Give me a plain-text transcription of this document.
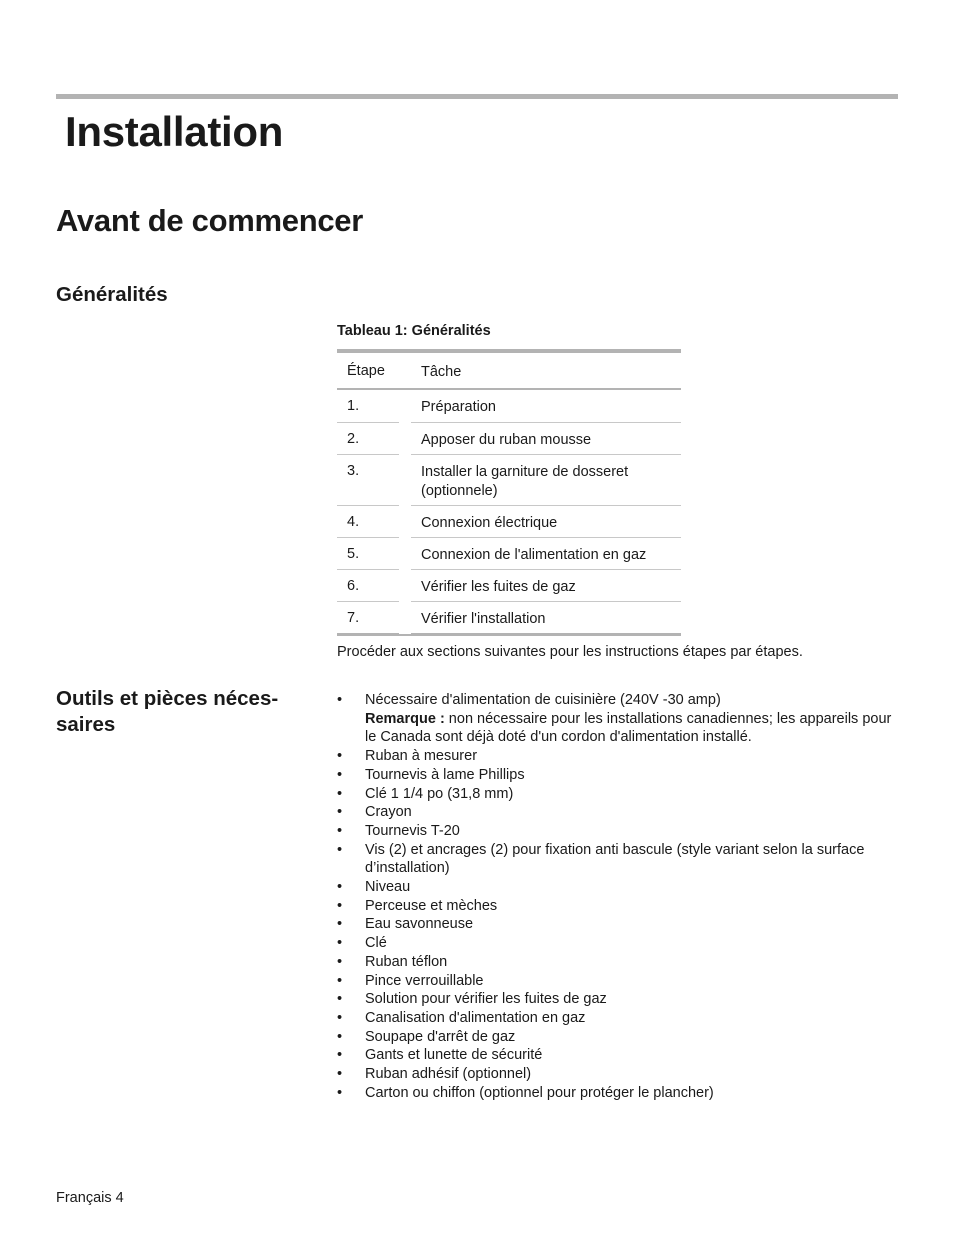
Installation
Avant de commencer
Généralités
Tableau 1: Généralités
Étape Tâche
1.	Préparation
2.	Apposer du ruban mousse
3.	Installer la garniture de dosseret (optionnele)
4.	Connexion électrique
5.	Connexion de l'alimentation en gaz
6.	Vérifier les fuites de gaz
7.	Vérifier l'installation
Procéder aux sections suivantes pour les instructions étapes par étapes.
Outils et pièces néces-
saires
• Nécessaire d'alimentation de cuisinière (240V -30 amp)
Remarque : non nécessaire pour les installations canadiennes; les appareils pour le Canada sont déjà doté d'un cordon d'alimentation installé.
• Ruban à mesurer
• Tournevis à lame Phillips
• Clé 1 1/4 po (31,8 mm)
• Crayon
• Tournevis T-20
• Vis (2) et ancrages (2) pour fixation anti bascule (style variant selon la surface d’installation)
• Niveau
• Perceuse et mèches
• Eau savonneuse
• Clé
• Ruban téflon
• Pince verrouillable
• Solution pour vérifier les fuites de gaz
• Canalisation d'alimentation en gaz
• Soupape d'arrêt de gaz
• Gants et lunette de sécurité
• Ruban adhésif (optionnel)
• Carton ou chiffon (optionnel pour protéger le plancher)
Français 4
